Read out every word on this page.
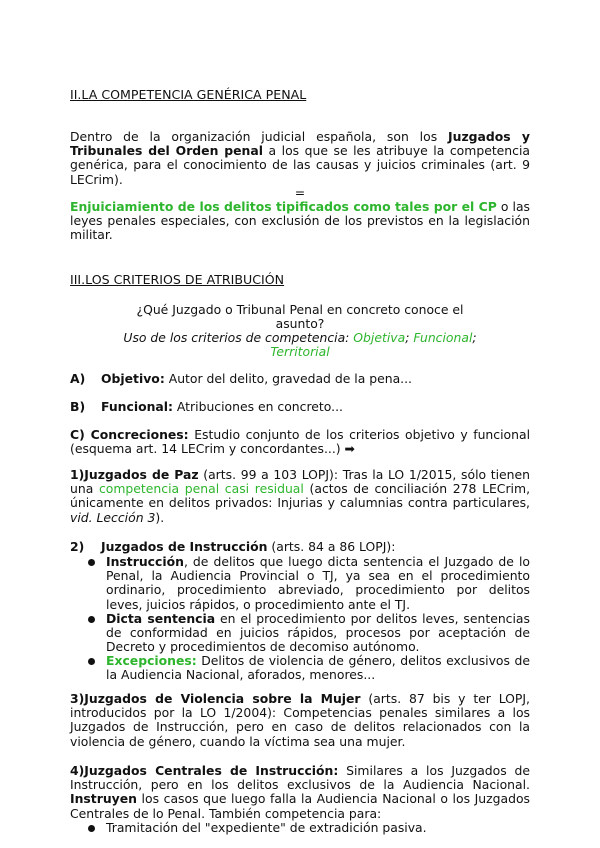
II.LA COMPETENCIA GENÉRICA PENAL
Dentro de la organización judicial española, son los Juzgados y Tribunales del Orden penal a los que se les atribuye la competencia genérica, para el conocimiento de las causas y juicios criminales (art. 9 LECrim).
=
Enjuiciamiento de los delitos tipificados como tales por el CP o las leyes penales especiales, con exclusión de los previstos en la legislación militar.
III.LOS CRITERIOS DE ATRIBUCIÓN
¿Qué Juzgado o Tribunal Penal en concreto conoce el asunto?
Uso de los criterios de competencia: Objetiva; Funcional;
Territorial
A) Objetivo: Autor del delito, gravedad de la pena...
B) Funcional: Atribuciones en concreto...
C) Concreciones: Estudio conjunto de los criterios objetivo y funcional (esquema art. 14 LECrim y concordantes...) ➡
1)Juzgados de Paz (arts. 99 a 103 LOPJ): Tras la LO 1/2015, sólo tienen una competencia penal casi residual (actos de conciliación 278 LECrim, únicamente en delitos privados: Injurias y calumnias contra particulares, vid. Lección 3).
2) Juzgados de Instrucción (arts. 84 a 86 LOPJ):
Instrucción, de delitos que luego dicta sentencia el Juzgado de lo Penal, la Audiencia Provincial o TJ, ya sea en el procedimiento ordinario, procedimiento abreviado, procedimiento por delitos leves, juicios rápidos, o procedimiento ante el TJ.
Dicta sentencia en el procedimiento por delitos leves, sentencias de conformidad en juicios rápidos, procesos por aceptación de Decreto y procedimientos de decomiso autónomo.
Excepciones: Delitos de violencia de género, delitos exclusivos de la Audiencia Nacional, aforados, menores...
3)Juzgados de Violencia sobre la Mujer (arts. 87 bis y ter LOPJ, introducidos por la LO 1/2004): Competencias penales similares a los Juzgados de Instrucción, pero en caso de delitos relacionados con la violencia de género, cuando la víctima sea una mujer.
4)Juzgados Centrales de Instrucción: Similares a los Juzgados de Instrucción, pero en los delitos exclusivos de la Audiencia Nacional. Instruyen los casos que luego falla la Audiencia Nacional o los Juzgados Centrales de lo Penal. También competencia para:
Tramitación del "expediente" de extradición pasiva.
